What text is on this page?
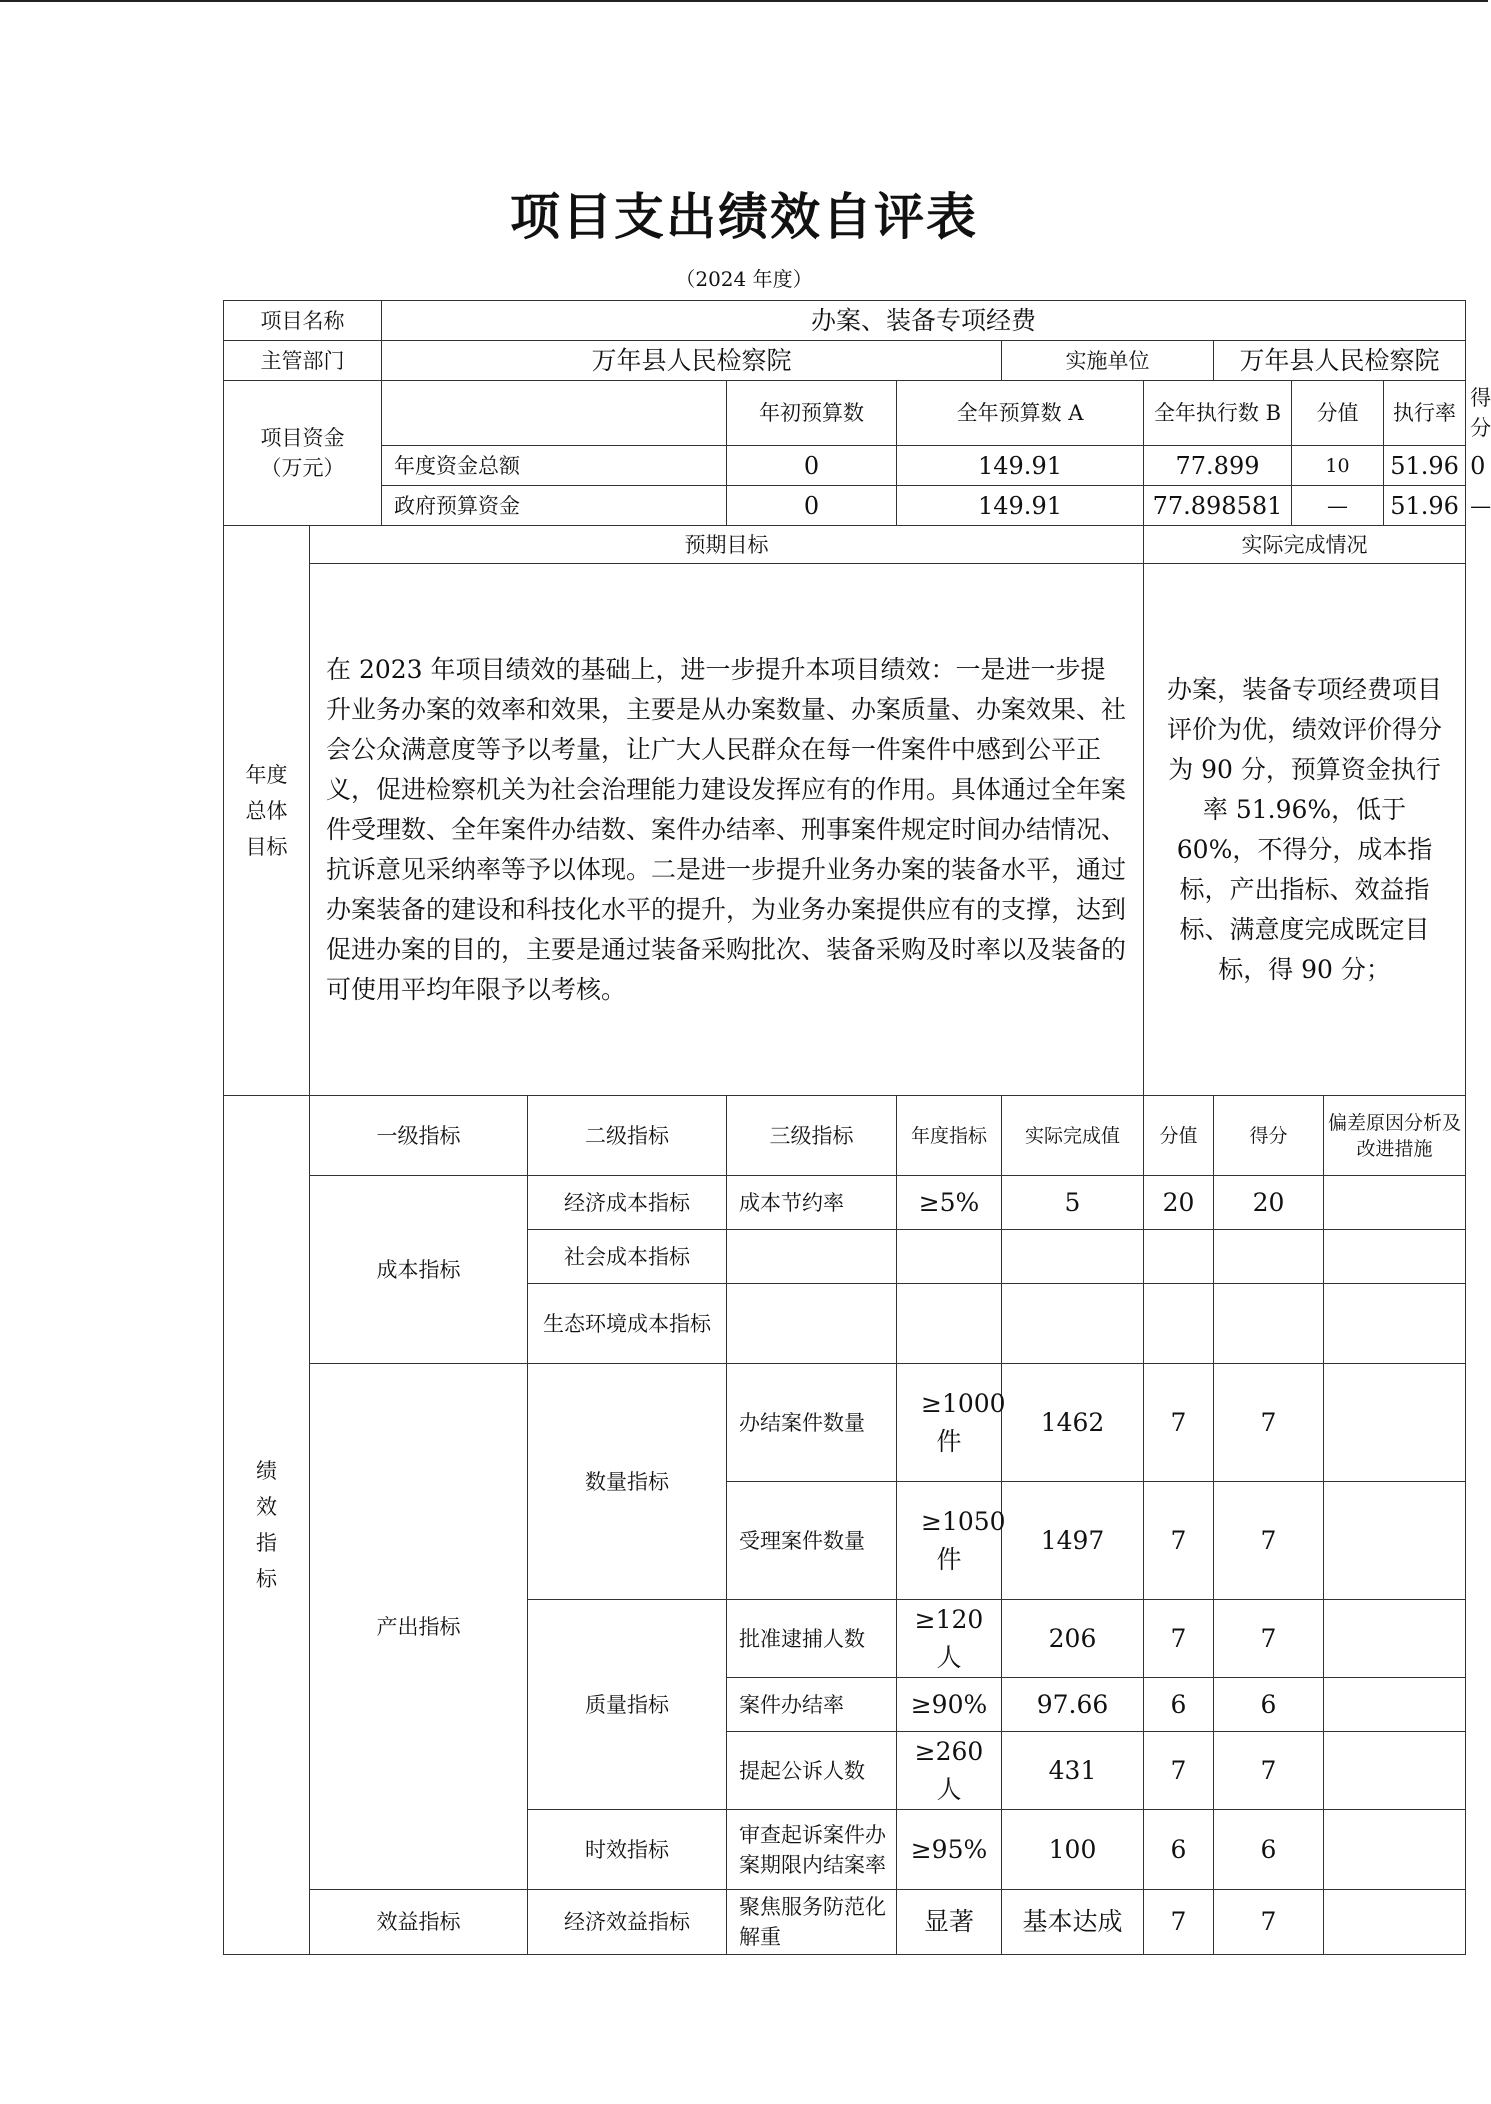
项目支出绩效自评表
（2024 年度）
项目名称		办案、装备专项经费										
主管部门		万年县人民检察院				实施单位		万年县人民检察院				

项目资金
（万元）				年初预算数	全年预算数 A		全年执行数 B		分值		执行率	得分
		年度资金总额		0	149.91		77.899		10		51.96	0
		政府预算资金		0	149.91		77.898581		—		51.96	—

年度
总体
目标	预期目标						实际完成情况					
	在 2023 年项目绩效的基础上，进一步提升本项目绩效：一是进一步提升业务办案的效率和效果，主要是从办案数量、办案质量、办案效果、社会公众满意度等予以考量，让广大人民群众在每一件案件中感到公平正义，促进检察机关为社会治理能力建设发挥应有的作用。具体通过全年案件受理数、全年案件办结数、案件办结率、刑事案件规定时间办结情况、抗诉意见采纳率等予以体现。二是进一步提升业务办案的装备水平，通过办案装备的建设和科技化水平的提升，为业务办案提供应有的支撑，达到促进办案的目的，主要是通过装备采购批次、装备采购及时率以及装备的可使用平均年限予以考核。						办案，装备专项经费项目评价为优，绩效评价得分为 90 分，预算资金执行率 51.96%，低于 60%，不得分，成本指标，产出指标、效益指标、满意度完成既定目标，得 90 分；					
绩效指标	一级指标		二级指标	三级指标	年度指标	实际完成值	分值	得分		偏差原因分析及改进措施		
	成本指标		经济成本指标	成本节约率	≥5%	5	20	20				
			社会成本指标									
			生态环境成本指标									
	产出指标		数量指标	办结案件数量	≥1000件	1462	7	7				
				受理案件数量	≥1050件	1497	7	7				
			质量指标	批准逮捕人数	≥120人	206	7	7				
				案件办结率	≥90%	97.66	6	6				
				提起公诉人数	≥260人	431	7	7				
			时效指标	审查起诉案件办案期限内结案率	≥95%	100	6	6				
	效益指标		经济效益指标	聚焦服务防范化解重	显著	基本达成	7	7				
